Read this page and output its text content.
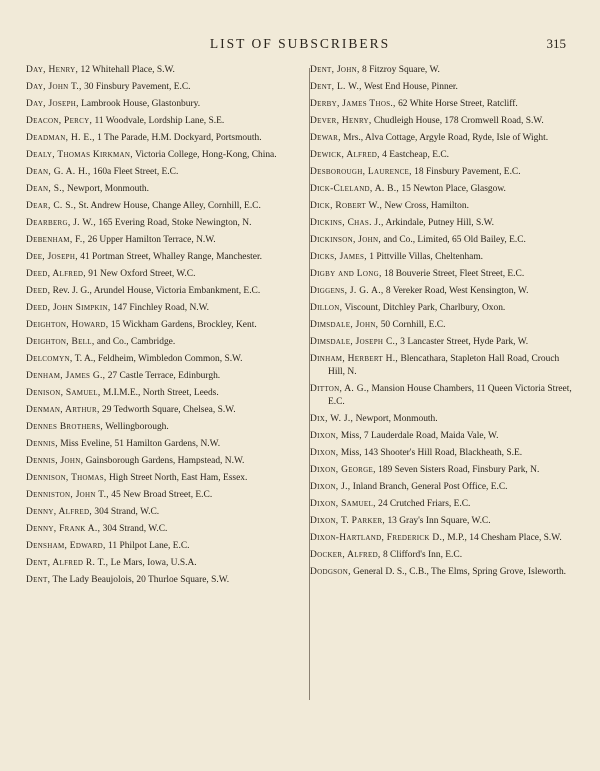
LIST OF SUBSCRIBERS	315
Day, Henry, 12 Whitehall Place, S.W.
Day, John T., 30 Finsbury Pavement, E.C.
Day, Joseph, Lambrook House, Glastonbury.
Deacon, Percy, 11 Woodvale, Lordship Lane, S.E.
Deadman, H. E., 1 The Parade, H.M. Dockyard, Portsmouth.
Dealy, Thomas Kirkman, Victoria College, Hong-Kong, China.
Dean, G. A. H., 160a Fleet Street, E.C.
Dean, S., Newport, Monmouth.
Dear, C. S., St. Andrew House, Change Alley, Cornhill, E.C.
Dearberg, J. W., 165 Evering Road, Stoke Newington, N.
Debenham, F., 26 Upper Hamilton Terrace, N.W.
Dee, Joseph, 41 Portman Street, Whalley Range, Manchester.
Deed, Alfred, 91 New Oxford Street, W.C.
Deed, Rev. J. G., Arundel House, Victoria Embankment, E.C.
Deed, John Simpkin, 147 Finchley Road, N.W.
Deighton, Howard, 15 Wickham Gardens, Brockley, Kent.
Deighton, Bell, and Co., Cambridge.
Delcomyn, T. A., Feldheim, Wimbledon Common, S.W.
Denham, James G., 27 Castle Terrace, Edinburgh.
Denison, Samuel, M.I.M.E., North Street, Leeds.
Denman, Arthur, 29 Tedworth Square, Chelsea, S.W.
Dennes Brothers, Wellingborough.
Dennis, Miss Eveline, 51 Hamilton Gardens, N.W.
Dennis, John, Gainsborough Gardens, Hampstead, N.W.
Dennison, Thomas, High Street North, East Ham, Essex.
Denniston, John T., 45 New Broad Street, E.C.
Denny, Alfred, 304 Strand, W.C.
Denny, Frank A., 304 Strand, W.C.
Densham, Edward, 11 Philpot Lane, E.C.
Dent, Alfred R. T., Le Mars, Iowa, U.S.A.
Dent, The Lady Beaujolois, 20 Thurloe Square, S.W.
Dent, John, 8 Fitzroy Square, W.
Dent, L. W., West End House, Pinner.
Derby, James Thos., 62 White Horse Street, Ratcliff.
Dever, Henry, Chudleigh House, 178 Cromwell Road, S.W.
Dewar, Mrs., Alva Cottage, Argyle Road, Ryde, Isle of Wight.
Dewick, Alfred, 4 Eastcheap, E.C.
Desborough, Laurence, 18 Finsbury Pavement, E.C.
Dick-Cleland, A. B., 15 Newton Place, Glasgow.
Dick, Robert W., New Cross, Hamilton.
Dickins, Chas. J., Arkindale, Putney Hill, S.W.
Dickinson, John, and Co., Limited, 65 Old Bailey, E.C.
Dicks, James, 1 Pittville Villas, Cheltenham.
Digby and Long, 18 Bouverie Street, Fleet Street, E.C.
Diggens, J. G. A., 8 Vereker Road, West Kensington, W.
Dillon, Viscount, Ditchley Park, Charlbury, Oxon.
Dimsdale, John, 50 Cornhill, E.C.
Dimsdale, Joseph C., 3 Lancaster Street, Hyde Park, W.
Dinham, Herbert H., Blencathara, Stapleton Hall Road, Crouch Hill, N.
Ditton, A. G., Mansion House Chambers, 11 Queen Victoria Street, E.C.
Dix, W. J., Newport, Monmouth.
Dixon, Miss, 7 Lauderdale Road, Maida Vale, W.
Dixon, Miss, 143 Shooter's Hill Road, Blackheath, S.E.
Dixon, George, 189 Seven Sisters Road, Finsbury Park, N.
Dixon, J., Inland Branch, General Post Office, E.C.
Dixon, Samuel, 24 Crutched Friars, E.C.
Dixon, T. Parker, 13 Gray's Inn Square, W.C.
Dixon-Hartland, Frederick D., M.P., 14 Chesham Place, S.W.
Docker, Alfred, 8 Clifford's Inn, E.C.
Dodgson, General D. S., C.B., The Elms, Spring Grove, Isleworth.
